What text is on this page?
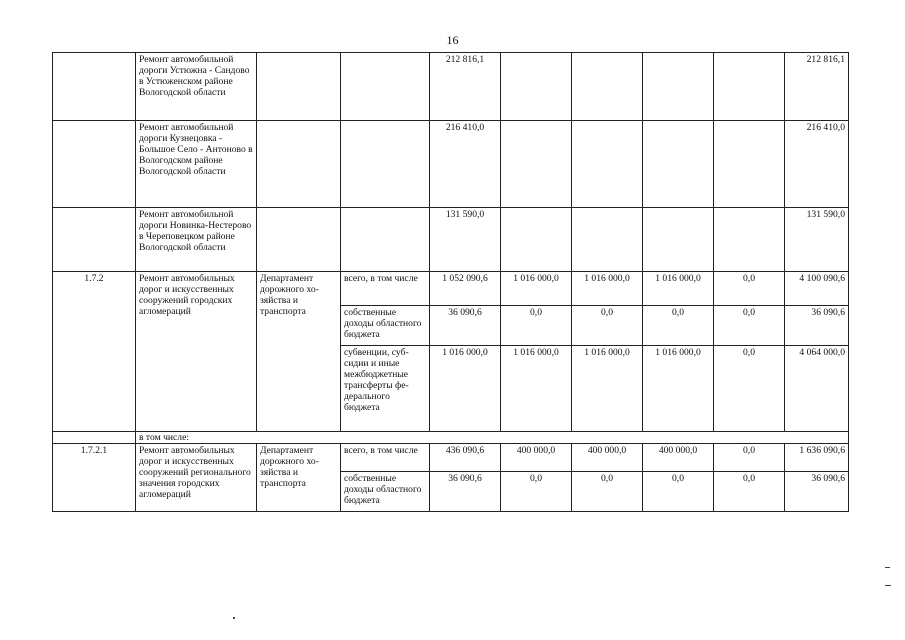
16
	Ремонт автомобильной дороги Устюжна - Сандово в Устюженском районе Вологодской области			212 816,1					212 816,1
	Ремонт автомобильной дороги Кузнецовка - Большое Село - Антоново в Вологодском районе Вологодской области			216 410,0					216 410,0
	Ремонт автомобильной дороги Новинка-Нестерово в Череповецком районе Вологодской области			131 590,0					131 590,0
1.7.2	Ремонт автомобильных дорог и искусственных сооружений городских агломераций	Департамент дорожного хозяйства и транспорта	всего, в том числе	1 052 090,6	1 016 000,0	1 016 000,0	1 016 000,0	0,0	4 100 090,6
			собственные доходы областного бюджета	36 090,6	0,0	0,0	0,0	0,0	36 090,6
			субвенции, субсидии и иные межбюджетные трансферты федерального бюджета	1 016 000,0	1 016 000,0	1 016 000,0	1 016 000,0	0,0	4 064 000,0
	в том числе:								
1.7.2.1	Ремонт автомобильных дорог и искусственных сооружений регионального значения городских агломераций	Департамент дорожного хозяйства и транспорта	всего, в том числе	436 090,6	400 000,0	400 000,0	400 000,0	0,0	1 636 090,6
			собственные доходы областного бюджета	36 090,6	0,0	0,0	0,0	0,0	36 090,6
